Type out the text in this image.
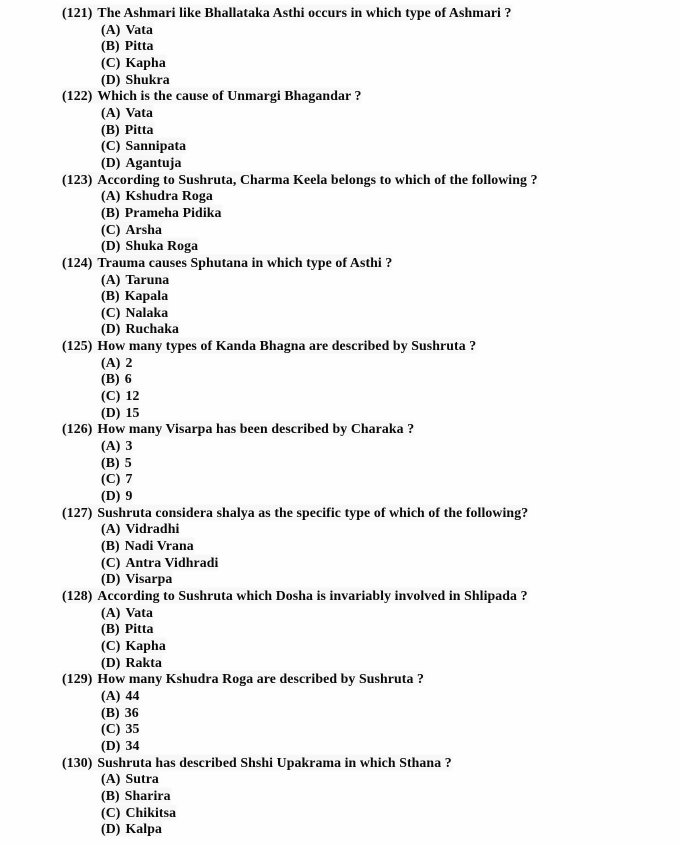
(121) The Ashmari like Bhallataka Asthi occurs in which type of Ashmari ?
(A) Vata
(B) Pitta
(C) Kapha
(D) Shukra
(122) Which is the cause of Unmargi Bhagandar ?
(A) Vata
(B) Pitta
(C) Sannipata
(D) Agantuja
(123) According to Sushruta, Charma Keela belongs to which of the following ?
(A) Kshudra Roga
(B) Prameha Pidika
(C) Arsha
(D) Shuka Roga
(124) Trauma causes Sphutana in which type of Asthi ?
(A) Taruna
(B) Kapala
(C) Nalaka
(D) Ruchaka
(125) How many types of Kanda Bhagna are described by Sushruta ?
(A) 2
(B) 6
(C) 12
(D) 15
(126) How many Visarpa has been described by Charaka ?
(A) 3
(B) 5
(C) 7
(D) 9
(127) Sushruta considera shalya as the specific type of which of the following?
(A) Vidradhi
(B) Nadi Vrana
(C) Antra Vidhradi
(D) Visarpa
(128) According to Sushruta which Dosha is invariably involved in Shlipada ?
(A) Vata
(B) Pitta
(C) Kapha
(D) Rakta
(129) How many Kshudra Roga are described by Sushruta ?
(A) 44
(B) 36
(C) 35
(D) 34
(130) Sushruta has described Shshi Upakrama in which Sthana ?
(A) Sutra
(B) Sharira
(C) Chikitsa
(D) Kalpa
